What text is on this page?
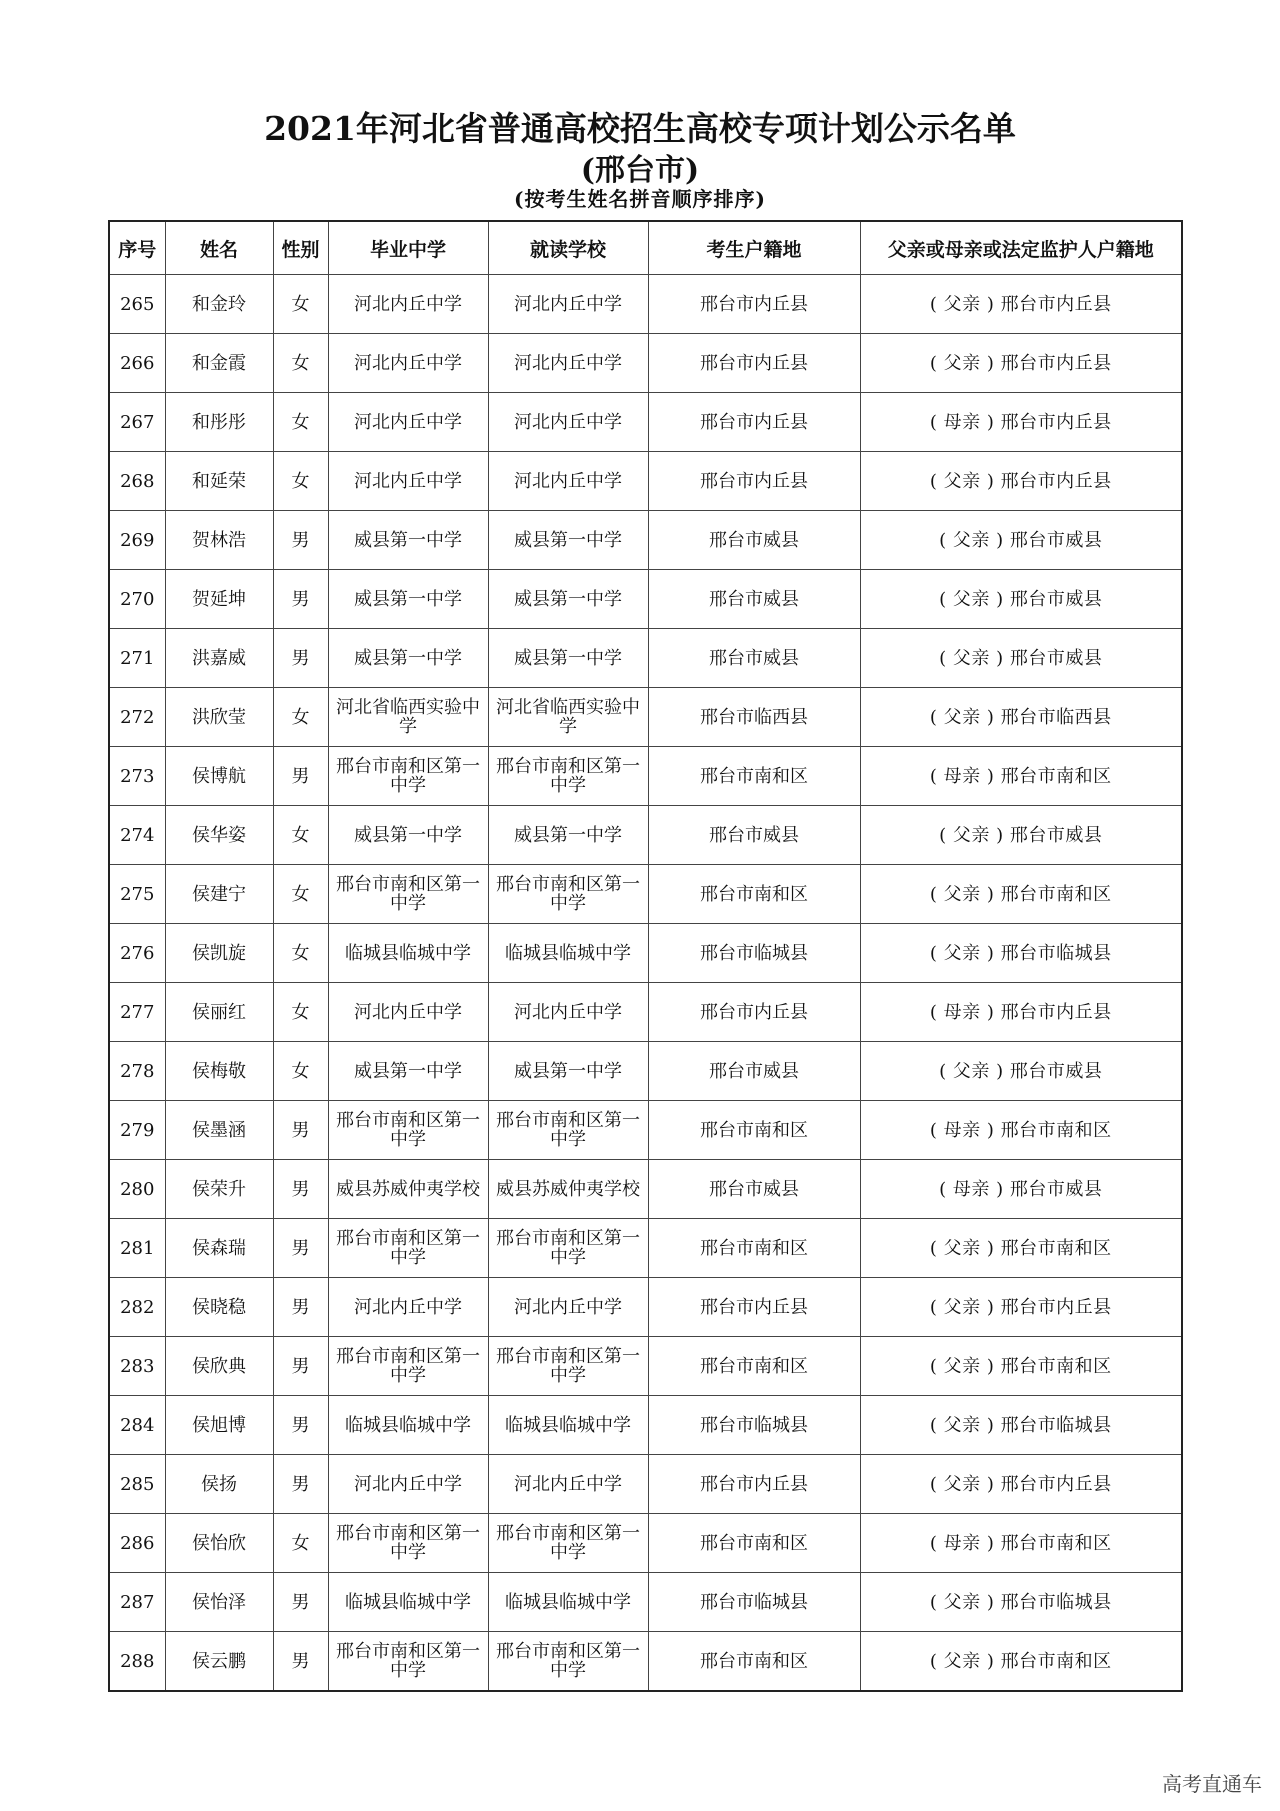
2021年河北省普通高校招生高校专项计划公示名单
(邢台市)
(按考生姓名拼音顺序排序)
序号	姓名	性别	毕业中学	就读学校	考生户籍地	父亲或母亲或法定监护人户籍地
265	和金玲	女	河北内丘中学	河北内丘中学	邢台市内丘县	( 父亲 ) 邢台市内丘县
266	和金霞	女	河北内丘中学	河北内丘中学	邢台市内丘县	( 父亲 ) 邢台市内丘县
267	和彤彤	女	河北内丘中学	河北内丘中学	邢台市内丘县	( 母亲 ) 邢台市内丘县
268	和延荣	女	河北内丘中学	河北内丘中学	邢台市内丘县	( 父亲 ) 邢台市内丘县
269	贺林浩	男	威县第一中学	威县第一中学	邢台市威县	( 父亲 ) 邢台市威县
270	贺延坤	男	威县第一中学	威县第一中学	邢台市威县	( 父亲 ) 邢台市威县
271	洪嘉威	男	威县第一中学	威县第一中学	邢台市威县	( 父亲 ) 邢台市威县
272	洪欣莹	女	河北省临西实验中学	河北省临西实验中学	邢台市临西县	( 父亲 ) 邢台市临西县
273	侯博航	男	邢台市南和区第一中学	邢台市南和区第一中学	邢台市南和区	( 母亲 ) 邢台市南和区
274	侯华姿	女	威县第一中学	威县第一中学	邢台市威县	( 父亲 ) 邢台市威县
275	侯建宁	女	邢台市南和区第一中学	邢台市南和区第一中学	邢台市南和区	( 父亲 ) 邢台市南和区
276	侯凯旋	女	临城县临城中学	临城县临城中学	邢台市临城县	( 父亲 ) 邢台市临城县
277	侯丽红	女	河北内丘中学	河北内丘中学	邢台市内丘县	( 母亲 ) 邢台市内丘县
278	侯梅敬	女	威县第一中学	威县第一中学	邢台市威县	( 父亲 ) 邢台市威县
279	侯墨涵	男	邢台市南和区第一中学	邢台市南和区第一中学	邢台市南和区	( 母亲 ) 邢台市南和区
280	侯荣升	男	威县苏威仲夷学校	威县苏威仲夷学校	邢台市威县	( 母亲 ) 邢台市威县
281	侯森瑞	男	邢台市南和区第一中学	邢台市南和区第一中学	邢台市南和区	( 父亲 ) 邢台市南和区
282	侯晓稳	男	河北内丘中学	河北内丘中学	邢台市内丘县	( 父亲 ) 邢台市内丘县
283	侯欣典	男	邢台市南和区第一中学	邢台市南和区第一中学	邢台市南和区	( 父亲 ) 邢台市南和区
284	侯旭博	男	临城县临城中学	临城县临城中学	邢台市临城县	( 父亲 ) 邢台市临城县
285	侯扬	男	河北内丘中学	河北内丘中学	邢台市内丘县	( 父亲 ) 邢台市内丘县
286	侯怡欣	女	邢台市南和区第一中学	邢台市南和区第一中学	邢台市南和区	( 母亲 ) 邢台市南和区
287	侯怡泽	男	临城县临城中学	临城县临城中学	邢台市临城县	( 父亲 ) 邢台市临城县
288	侯云鹏	男	邢台市南和区第一中学	邢台市南和区第一中学	邢台市南和区	( 父亲 ) 邢台市南和区
高考直通车
